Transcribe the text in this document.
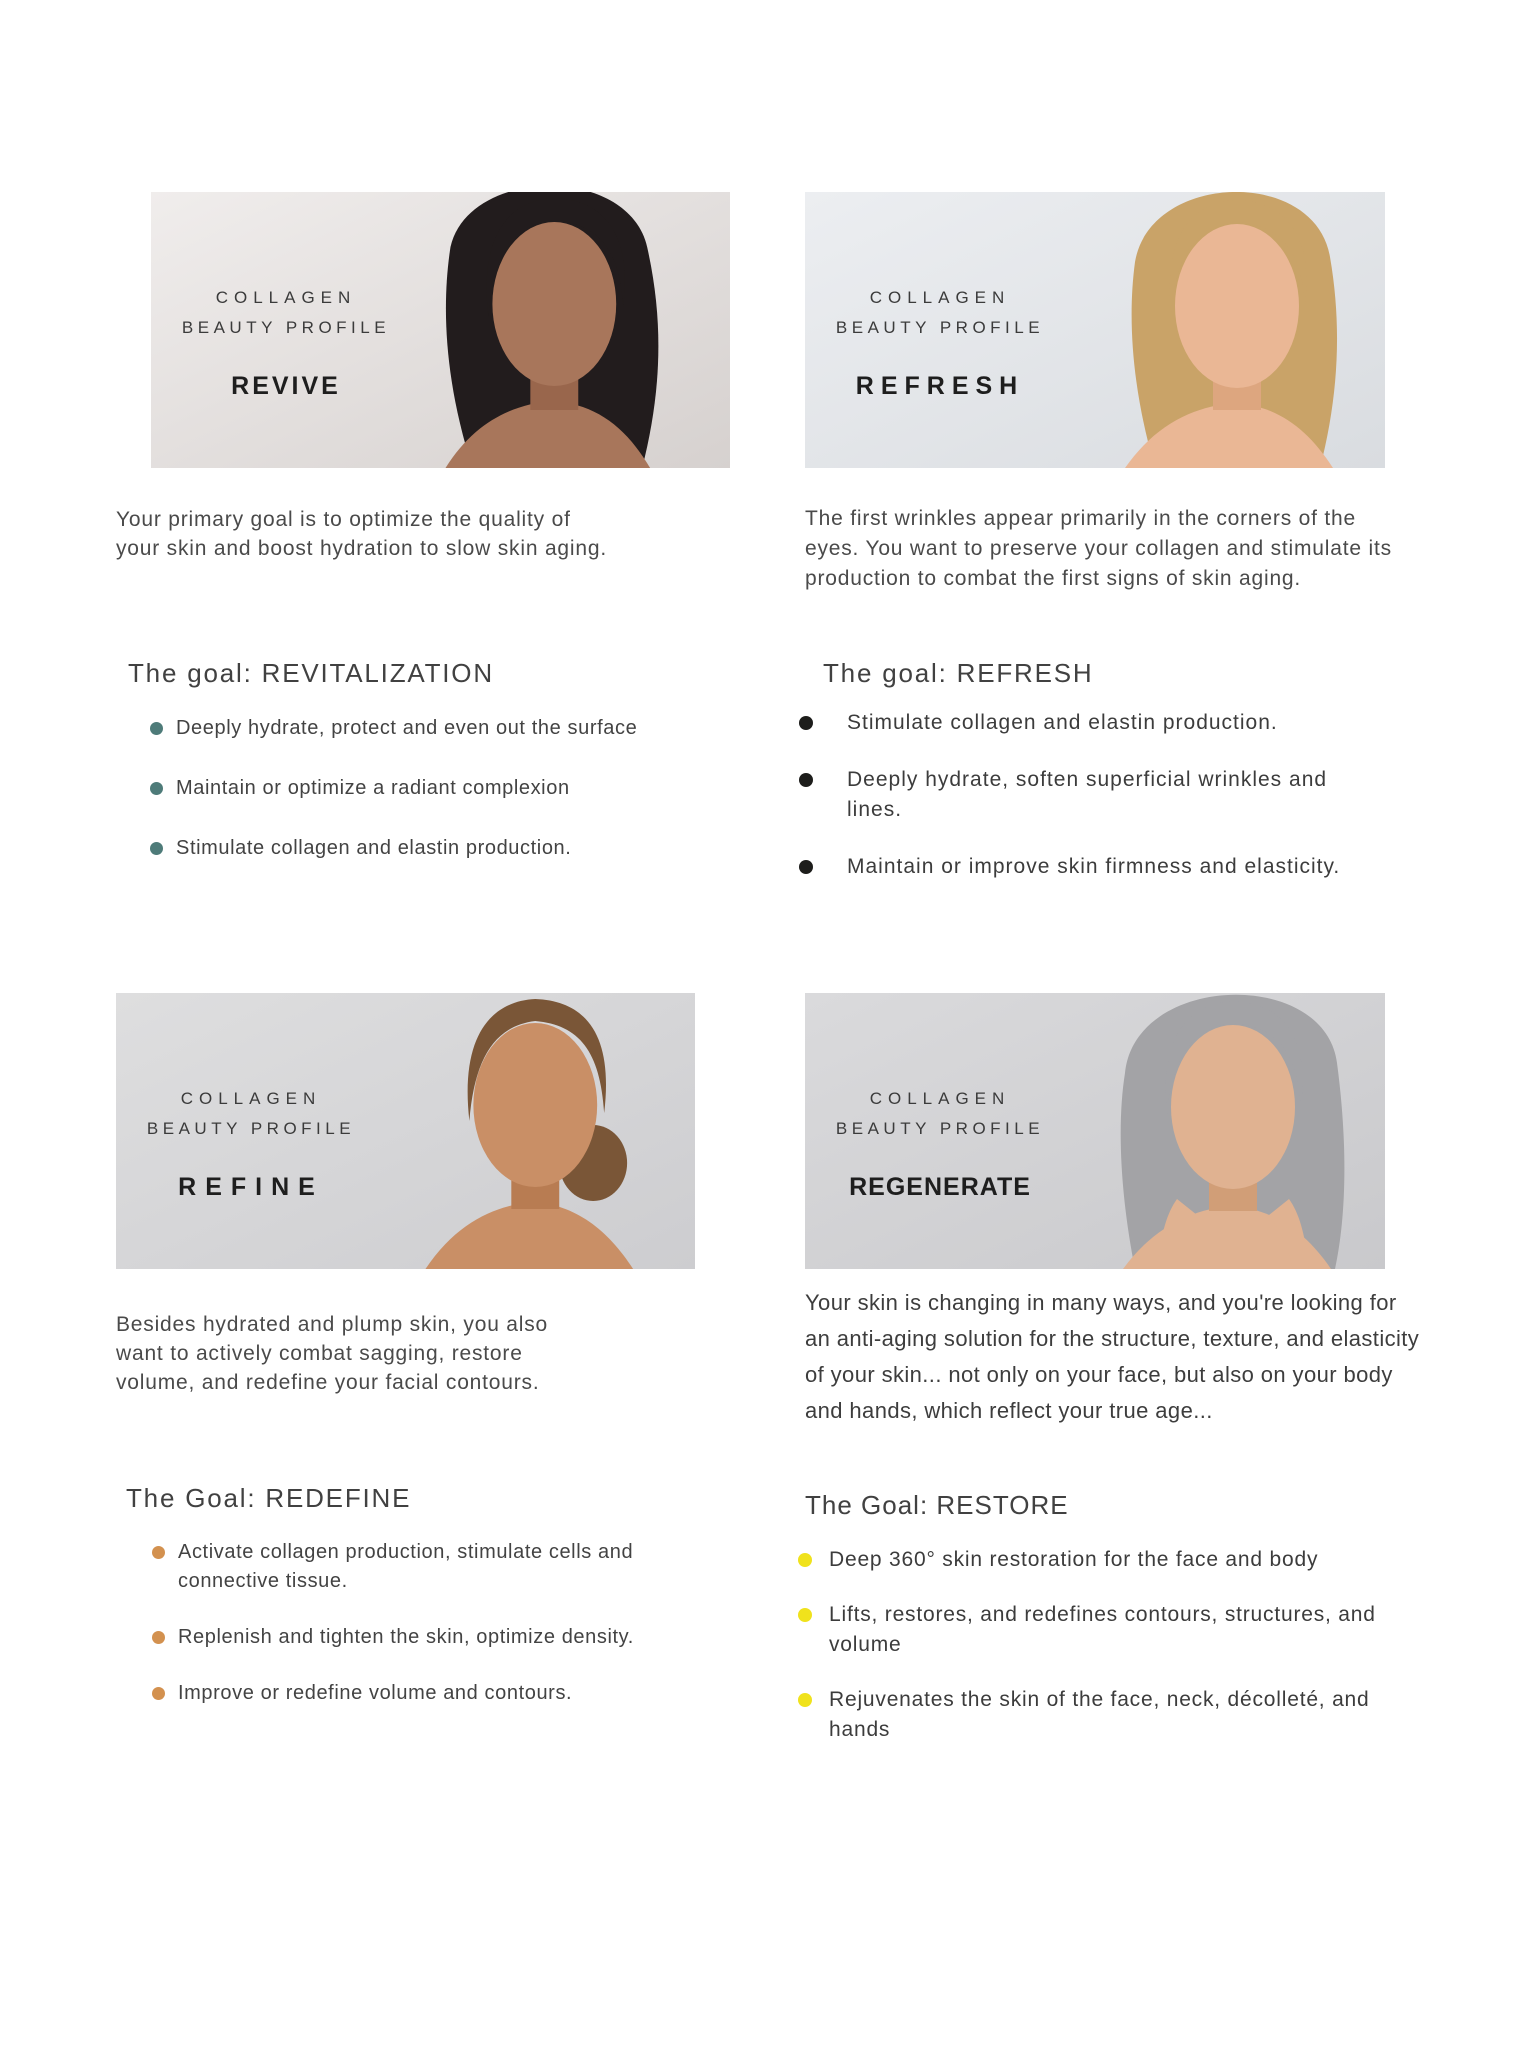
COLLAGEN
BEAUTY PROFILE
REVIVE

Your primary goal is to optimize the quality of your skin and boost hydration to slow skin aging.

The goal: REVITALIZATION
Deeply hydrate, protect and even out the surface
Maintain or optimize a radiant complexion
Stimulate collagen and elastin production.
COLLAGEN
BEAUTY PROFILE
REFRESH

The first wrinkles appear primarily in the corners of the eyes. You want to preserve your collagen and stimulate its production to combat the first signs of skin aging.

The goal: REFRESH
Stimulate collagen and elastin production.
Deeply hydrate, soften superficial wrinkles and lines.
Maintain or improve skin firmness and elasticity.
COLLAGEN
BEAUTY PROFILE
REFINE

Besides hydrated and plump skin, you also want to actively combat sagging, restore volume, and redefine your facial contours.

The Goal: REDEFINE
Activate collagen production, stimulate cells and connective tissue.
Replenish and tighten the skin, optimize density.
Improve or redefine volume and contours.
COLLAGEN
BEAUTY PROFILE
REGENERATE

Your skin is changing in many ways, and you're looking for an anti-aging solution for the structure, texture, and elasticity of your skin... not only on your face, but also on your body and hands, which reflect your true age...

The Goal: RESTORE
Deep 360° skin restoration for the face and body
Lifts, restores, and redefines contours, structures, and volume
Rejuvenates the skin of the face, neck, décolleté, and hands
